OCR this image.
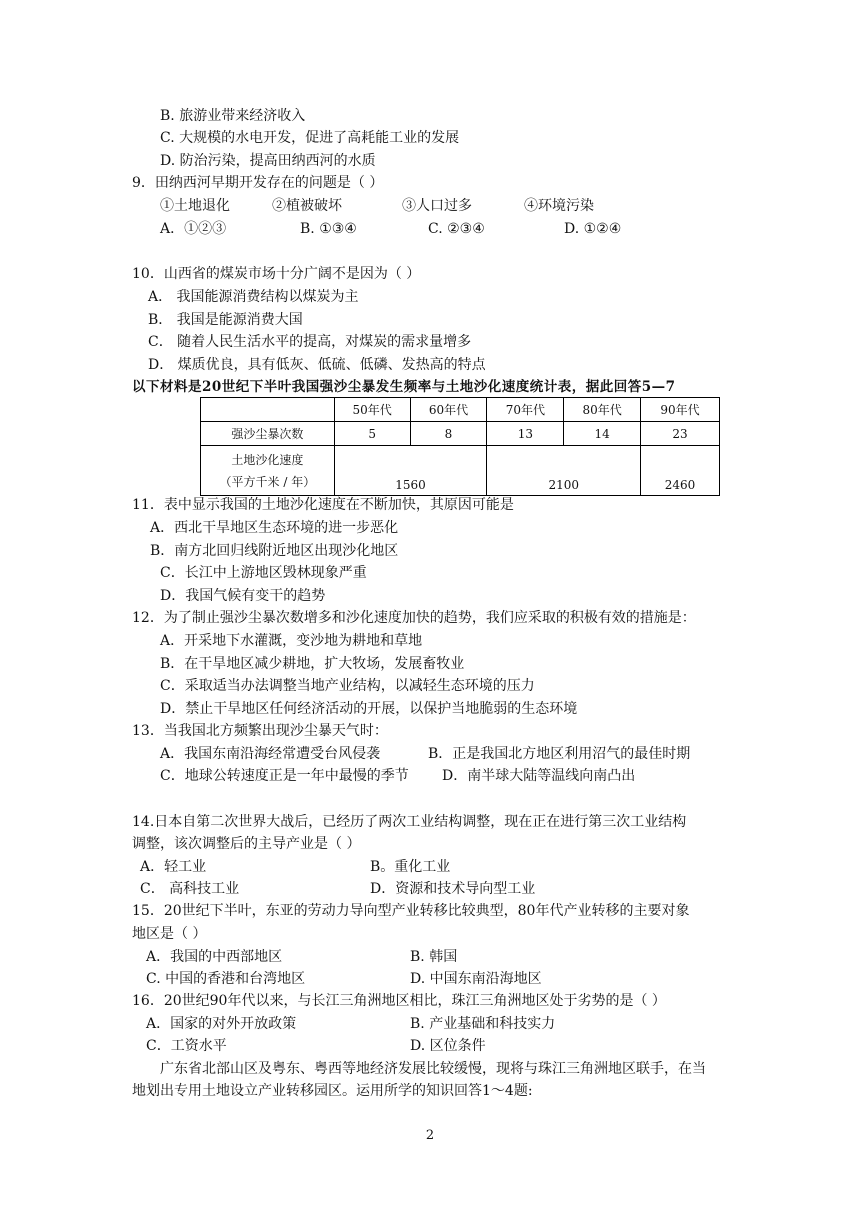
B. 旅游业带来经济收入
C. 大规模的水电开发，促进了高耗能工业的发展
D. 防治污染，提高田纳西河的水质
9．田纳西河早期开发存在的问题是（ ）
①土地退化	②植被破坏	③人口过多	④环境污染
A．①②③	B. ①③④	C. ②③④	D. ①②④
10．山西省的煤炭市场十分广阔不是因为（ ）
A． 我国能源消费结构以煤炭为主
B． 我国是能源消费大国
C． 随着人民生活水平的提高，对煤炭的需求量增多
D． 煤质优良，具有低灰、低硫、低磷、发热高的特点
以下材料是20世纪下半叶我国强沙尘暴发生频率与土地沙化速度统计表，据此回答5—7
	50年代	60年代	70年代	80年代	90年代
强沙尘暴次数	5	8	13	14	23

土地沙化速度
（平方千米 / 年）	1560		2100		2460
11．表中显示我国的土地沙化速度在不断加快，其原因可能是
A．西北干旱地区生态环境的进一步恶化
B．南方北回归线附近地区出现沙化地区
C．长江中上游地区毁林现象严重
D．我国气候有变干的趋势
12．为了制止强沙尘暴次数增多和沙化速度加快的趋势，我们应采取的积极有效的措施是：
A．开采地下水灌溉，变沙地为耕地和草地
B．在干旱地区减少耕地，扩大牧场，发展畜牧业
C．采取适当办法调整当地产业结构，以减轻生态环境的压力
D．禁止干旱地区任何经济活动的开展，以保护当地脆弱的生态环境
13．当我国北方频繁出现沙尘暴天气时：
A．我国东南沿海经常遭受台风侵袭	B．正是我国北方地区利用沼气的最佳时期
C．地球公转速度正是一年中最慢的季节	D．南半球大陆等温线向南凸出
14.日本自第二次世界大战后，已经历了两次工业结构调整，现在正在进行第三次工业结构
调整，该次调整后的主导产业是（ ）
A．轻工业	B。重化工业
C． 高科技工业	D．资源和技术导向型工业
15．20世纪下半叶，东亚的劳动力导向型产业转移比较典型，80年代产业转移的主要对象
地区是（ ）
A．我国的中西部地区	B. 韩国
C. 中国的香港和台湾地区	D. 中国东南沿海地区
16．20世纪90年代以来，与长江三角洲地区相比，珠江三角洲地区处于劣势的是（ ）
A．国家的对外开放政策	B. 产业基础和科技实力
C．工资水平	D. 区位条件
广东省北部山区及粤东、粤西等地经济发展比较缓慢，现将与珠江三角洲地区联手，在当
地划出专用土地设立产业转移园区。运用所学的知识回答1～4题:
2
